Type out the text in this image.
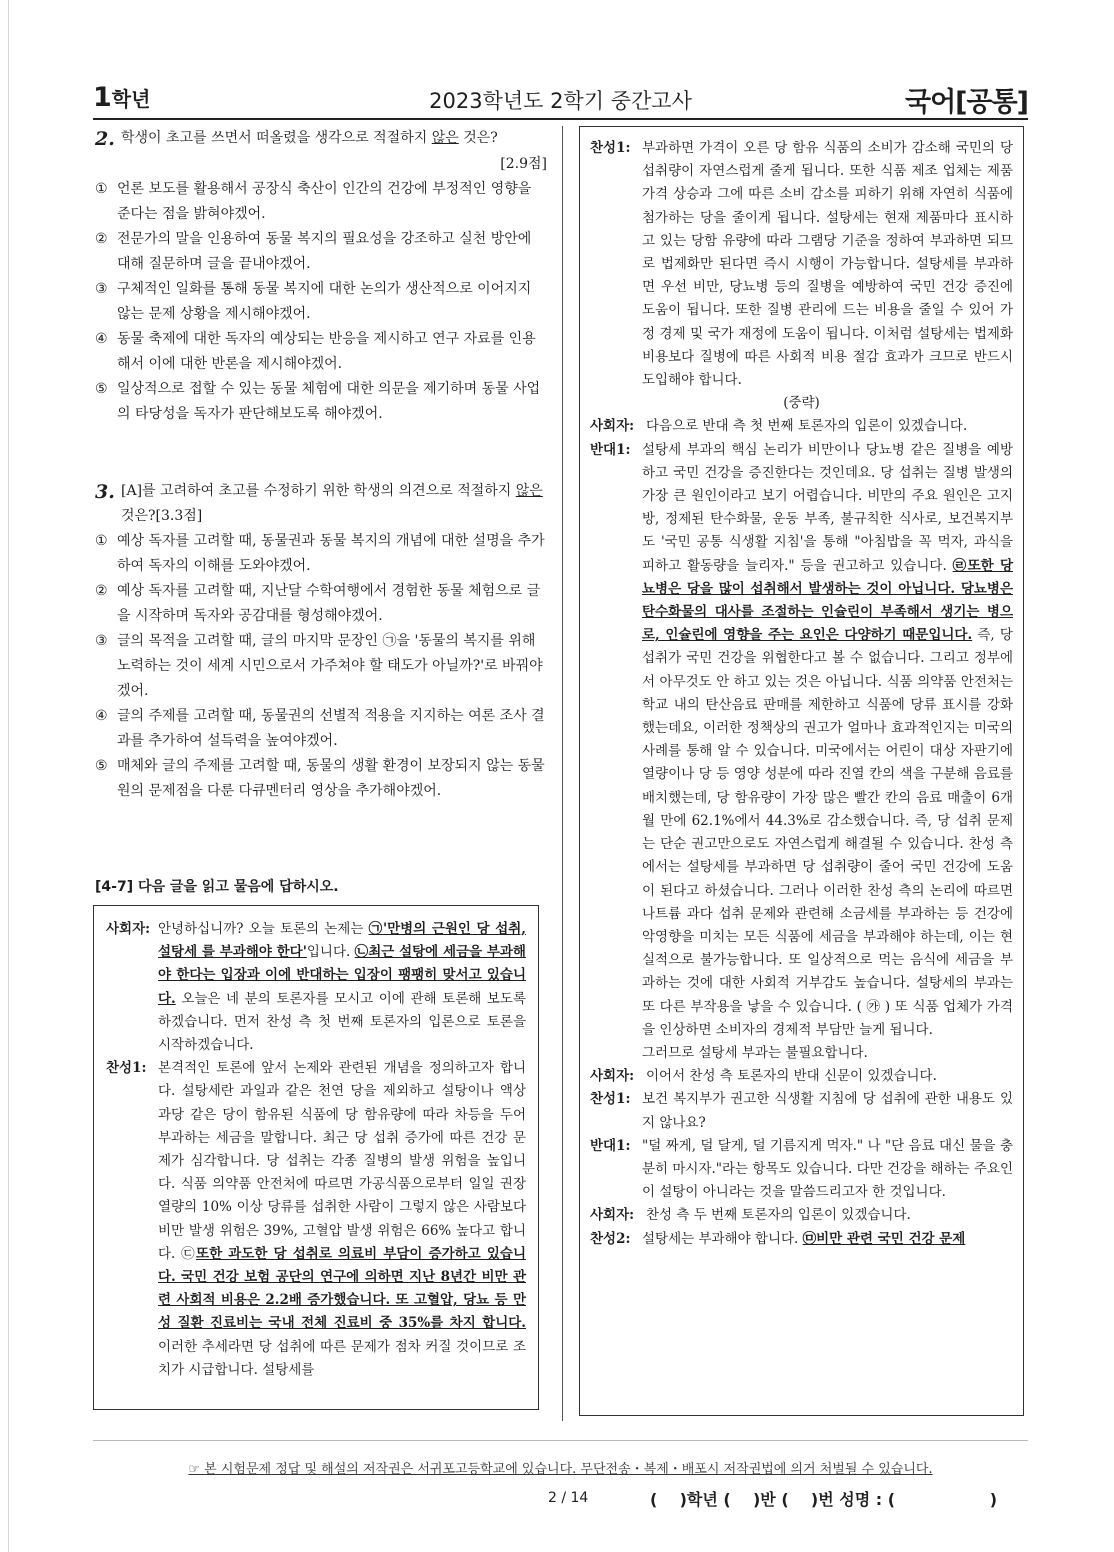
1학년	2023학년도 2학기 중간고사	국어[공통]
2. 학생이 초고를 쓰면서 떠올렸을 생각으로 적절하지 않은 것은?
[2.9점]
① 언론 보도를 활용해서 공장식 축산이 인간의 건강에 부정적인 영향을 준다는 점을 밝혀야겠어.
② 전문가의 말을 인용하여 동물 복지의 필요성을 강조하고 실천 방안에 대해 질문하며 글을 끝내야겠어.
③ 구체적인 일화를 통해 동물 복지에 대한 논의가 생산적으로 이어지지 않는 문제 상황을 제시해야겠어.
④ 동물 축제에 대한 독자의 예상되는 반응을 제시하고 연구 자료를 인용해서 이에 대한 반론을 제시해야겠어.
⑤ 일상적으로 접할 수 있는 동물 체험에 대한 의문을 제기하며 동물 사업의 타당성을 독자가 판단해보도록 해야겠어.
3. [A]를 고려하여 초고를 수정하기 위한 학생의 의견으로 적절하지 않은 것은?[3.3점]
① 예상 독자를 고려할 때, 동물권과 동물 복지의 개념에 대한 설명을 추가하여 독자의 이해를 도와야겠어.
② 예상 독자를 고려할 때, 지난달 수학여행에서 경험한 동물 체험으로 글을 시작하며 독자와 공감대를 형성해야겠어.
③ 글의 목적을 고려할 때, 글의 마지막 문장인 ㉠을 '동물의 복지를 위해 노력하는 것이 세계 시민으로서 가주쳐야 할 태도가 아닐까?'로 바꿔야겠어.
④ 글의 주제를 고려할 때, 동물권의 선별적 적용을 지지하는 여론 조사 결과를 추가하여 설득력을 높여야겠어.
⑤ 매체와 글의 주제를 고려할 때, 동물의 생활 환경이 보장되지 않는 동물원의 문제점을 다룬 다큐멘터리 영상을 추가해야겠어.
[4-7] 다음 글을 읽고 물음에 답하시오.
사회자: 안녕하십니까? 오늘 토론의 논제는 ㉠'만병의 근원인 당 섭취, 설탕세 를 부과해야 한다'입니다. ㉡최근 설탕에 세금을 부과해야 한다는 입장과 이에 반대하는 입장이 팽팽히 맞서고 있습니다. 오늘은 네 분의 토론자를 모시고 이에 관해 토론해 보도록 하겠습니다. 먼저 찬성 측 첫 번째 토론자의 입론으로 토론을 시작하겠습니다.
찬성1: 본격적인 토론에 앞서 논제와 관련된 개념을 정의하고자 합니다. 설탕세란 과일과 같은 천연 당을 제외하고 설탕이나 액상 과당 같은 당이 함유된 식품에 당 함유량에 따라 차등을 두어 부과하는 세금을 말합니다. 최근 당 섭취 증가에 따른 건강 문제가 심각합니다. 당 섭취는 각종 질병의 발생 위험을 높입니다. 식품 의약품 안전처에 따르면 가공식품으로부터 일일 권장 열량의 10% 이상 당류를 섭취한 사람이 그렇지 않은 사람보다 비만 발생 위험은 39%, 고혈압 발생 위험은 66% 높다고 합니다. ㉢또한 과도한 당 섭취로 의료비 부담이 증가하고 있습니다. 국민 건강 보험 공단의 연구에 의하면 지난 8년간 비만 관련 사회적 비용은 2.2배 증가했습니다. 또 고혈압, 당뇨 등 만성 질환 진료비는 국내 전체 진료비 중 35%를 차지 합니다. 이러한 추세라면 당 섭취에 따른 문제가 점차 커질 것이므로 조치가 시급합니다. 설탕세를
찬성1: 부과하면 가격이 오른 당 함유 식품의 소비가 감소해 국민의 당 섭취량이 자연스럽게 줄게 됩니다. 또한 식품 제조 업체는 제품 가격 상승과 그에 따른 소비 감소를 피하기 위해 자연히 식품에 첨가하는 당을 줄이게 됩니다. 설탕세는 현재 제품마다 표시하고 있는 당함 유량에 따라 그램당 기준을 정하여 부과하면 되므로 법제화만 된다면 즉시 시행이 가능합니다. 설탕세를 부과하면 우선 비만, 당뇨병 등의 질병을 예방하여 국민 건강 증진에 도움이 됩니다. 또한 질병 관리에 드는 비용을 줄일 수 있어 가정 경제 및 국가 재정에 도움이 됩니다. 이처럼 설탕세는 법제화 비용보다 질병에 따른 사회적 비용 절감 효과가 크므로 반드시 도입해야 합니다.
(중략)
사회자: 다음으로 반대 측 첫 번째 토론자의 입론이 있겠습니다.
반대1: 설탕세 부과의 핵심 논리가 비만이나 당뇨병 같은 질병을 예방하고 국민 건강을 증진한다는 것인데요. 당 섭취는 질병 발생의 가장 큰 원인이라고 보기 어렵습니다. 비만의 주요 원인은 고지방, 정제된 탄수화물, 운동 부족, 불규칙한 식사로, 보건복지부도 '국민 공통 식생활 지침'을 통해 "아침밥을 꼭 먹자, 과식을 피하고 활동량을 늘리자." 등을 권고하고 있습니다. ㉣또한 당뇨병은 당을 많이 섭취해서 발생하는 것이 아닙니다. 당뇨병은 탄수화물의 대사를 조절하는 인슐린이 부족해서 생기는 병으로, 인슐린에 영향을 주는 요인은 다양하기 때문입니다. 즉, 당 섭취가 국민 건강을 위협한다고 볼 수 없습니다. 그리고 정부에서 아무것도 안 하고 있는 것은 아닙니다. 식품 의약품 안전처는 학교 내의 탄산음료 판매를 제한하고 식품에 당류 표시를 강화했는데요, 이러한 정책상의 권고가 얼마나 효과적인지는 미국의 사례를 통해 알 수 있습니다. 미국에서는 어린이 대상 자판기에 열량이나 당 등 영양 성분에 따라 진열 칸의 색을 구분해 음료를 배치했는데, 당 함유량이 가장 많은 빨간 칸의 음료 매출이 6개월 만에 62.1%에서 44.3%로 감소했습니다. 즉, 당 섭취 문제는 단순 권고만으로도 자연스럽게 해결될 수 있습니다. 찬성 측에서는 설탕세를 부과하면 당 섭취량이 줄어 국민 건강에 도움이 된다고 하셨습니다. 그러나 이러한 찬성 측의 논리에 따르면 나트륨 과다 섭취 문제와 관련해 소금세를 부과하는 등 건강에 악영향을 미치는 모든 식품에 세금을 부과해야 하는데, 이는 현실적으로 불가능합니다. 또 일상적으로 먹는 음식에 세금을 부과하는 것에 대한 사회적 거부감도 높습니다. 설탕세의 부과는 또 다른 부작용을 낳을 수 있습니다. ( ㉮ ) 또 식품 업체가 가격을 인상하면 소비자의 경제적 부담만 늘게 됩니다.
그러므로 설탕세 부과는 불필요합니다.
사회자: 이어서 찬성 측 토론자의 반대 신문이 있겠습니다.
찬성1: 보건 복지부가 권고한 식생활 지침에 당 섭취에 관한 내용도 있지 않나요?
반대1: "덜 짜게, 덜 달게, 덜 기름지게 먹자." 나 "단 음료 대신 물을 충분히 마시자."라는 항목도 있습니다. 다만 건강을 해하는 주요인이 설탕이 아니라는 것을 말씀드리고자 한 것입니다.
사회자: 찬성 측 두 번째 토론자의 입론이 있겠습니다.
찬성2: 설탕세는 부과해야 합니다. ㉤비만 관련 국민 건강 문제
☞ 본 시험문제 정답 및 해설의 저작권은 서귀포고등학교에 있습니다. 무단전송・복제・배포시 저작권법에 의거 처벌될 수 있습니다.
2 / 14	(    )학년 (    )반 (    )번 성명 : (                 )
